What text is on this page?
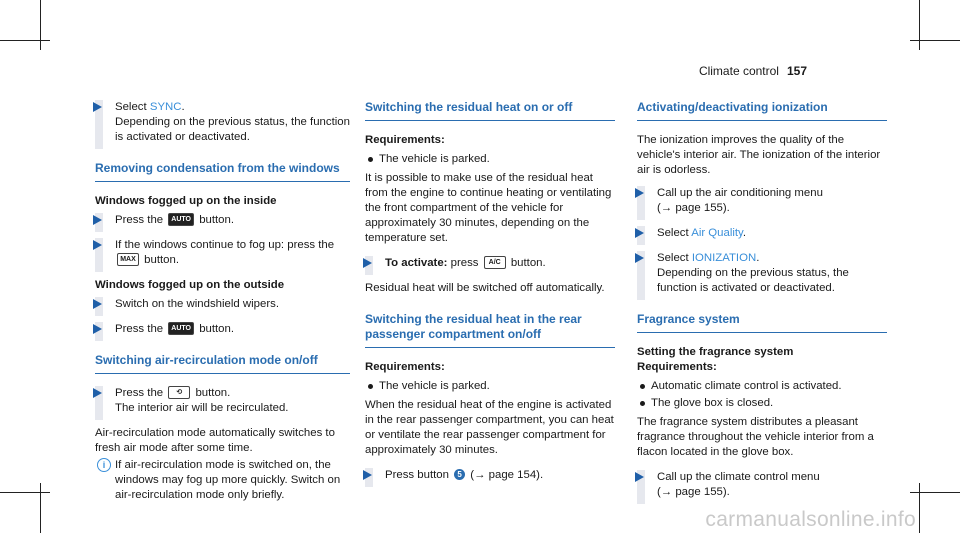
Climate control 157
Select SYNC.
Depending on the previous status, the function is activated or deactivated.
Removing condensation from the windows
Windows fogged up on the inside
Press the AUTO button.
If the windows continue to fog up: press the MAX button.
Windows fogged up on the outside
Switch on the windshield wipers.
Press the AUTO button.
Switching air-recirculation mode on/off
Press the ⟲ button.
The interior air will be recirculated.
Air-recirculation mode automatically switches to fresh air mode after some time.
i If air-recirculation mode is switched on, the windows may fog up more quickly. Switch on air-recirculation mode only briefly.
Switching the residual heat on or off
Requirements:
The vehicle is parked.
It is possible to make use of the residual heat from the engine to continue heating or ventilating the front compartment of the vehicle for approximately 30 minutes, depending on the temperature set.
To activate: press A/C button.
Residual heat will be switched off automatically.
Switching the residual heat in the rear passenger compartment on/off
Requirements:
The vehicle is parked.
When the residual heat of the engine is activated in the rear passenger compartment, you can heat or ventilate the rear passenger compartment for approximately 30 minutes.
Press button 5 (→ page 154).
Activating/deactivating ionization
The ionization improves the quality of the vehicle's interior air. The ionization of the interior air is odorless.
Call up the air conditioning menu
(→ page 155).
Select Air Quality.
Select IONIZATION.
Depending on the previous status, the function is activated or deactivated.
Fragrance system
Setting the fragrance system
Requirements:
Automatic climate control is activated.
The glove box is closed.
The fragrance system distributes a pleasant fragrance throughout the vehicle interior from a flacon located in the glove box.
Call up the climate control menu
(→ page 155).
carmanualsonline.info
